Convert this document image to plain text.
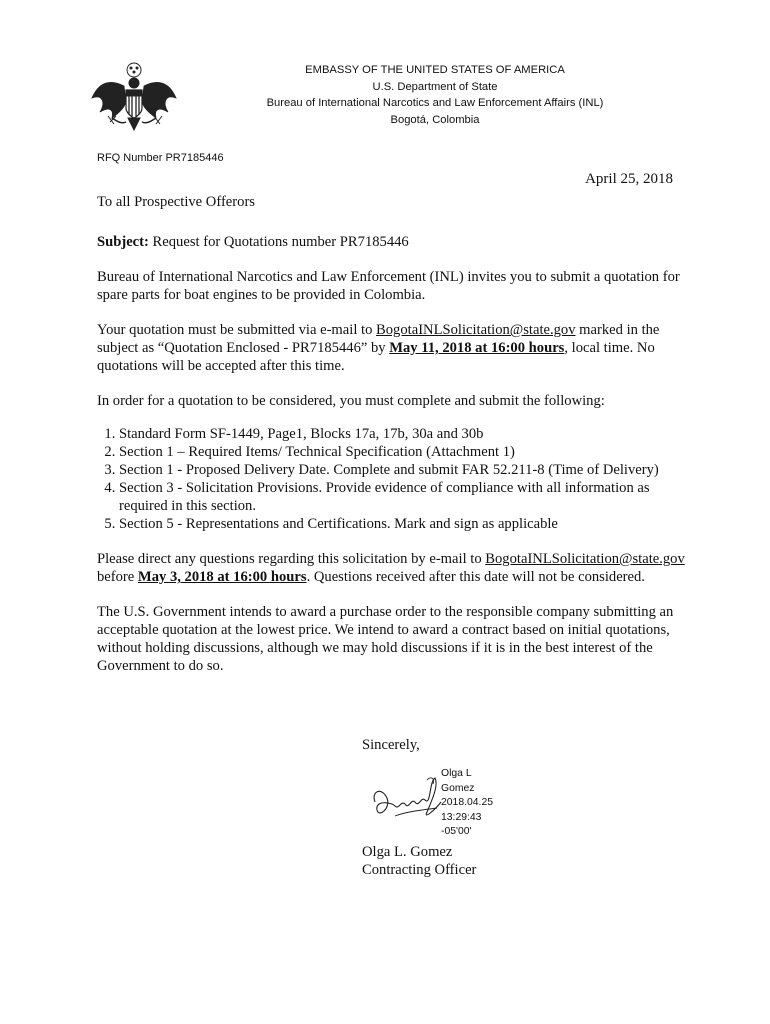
EMBASSY OF THE UNITED STATES OF AMERICA
U.S. Department of State
Bureau of International Narcotics and Law Enforcement Affairs (INL)
Bogotá, Colombia
RFQ Number PR7185446
April 25, 2018

To all Prospective Offerors

Subject: Request for Quotations number PR7185446

Bureau of International Narcotics and Law Enforcement (INL) invites you to submit a quotation for spare parts for boat engines to be provided in Colombia.

Your quotation must be submitted via e-mail to BogotaINLSolicitation@state.gov marked in the subject as “Quotation Enclosed - PR7185446” by May 11, 2018 at 16:00 hours, local time. No quotations will be accepted after this time.

In order for a quotation to be considered, you must complete and submit the following:

1. Standard Form SF-1449, Page1, Blocks 17a, 17b, 30a and 30b
2. Section 1 – Required Items/ Technical Specification (Attachment 1)
3. Section 1 - Proposed Delivery Date. Complete and submit FAR 52.211-8 (Time of Delivery)
4. Section 3 - Solicitation Provisions. Provide evidence of compliance with all information as required in this section.
5. Section 5 - Representations and Certifications. Mark and sign as applicable

Please direct any questions regarding this solicitation by e-mail to BogotaINLSolicitation@state.gov before May 3, 2018 at 16:00 hours. Questions received after this date will not be considered.

The U.S. Government intends to award a purchase order to the responsible company submitting an acceptable quotation at the lowest price. We intend to award a contract based on initial quotations, without holding discussions, although we may hold discussions if it is in the best interest of the Government to do so.

Sincerely,
Olga L
Gomez
2018.04.25
13:29:43
-05'00'
Olga L. Gomez
Contracting Officer
